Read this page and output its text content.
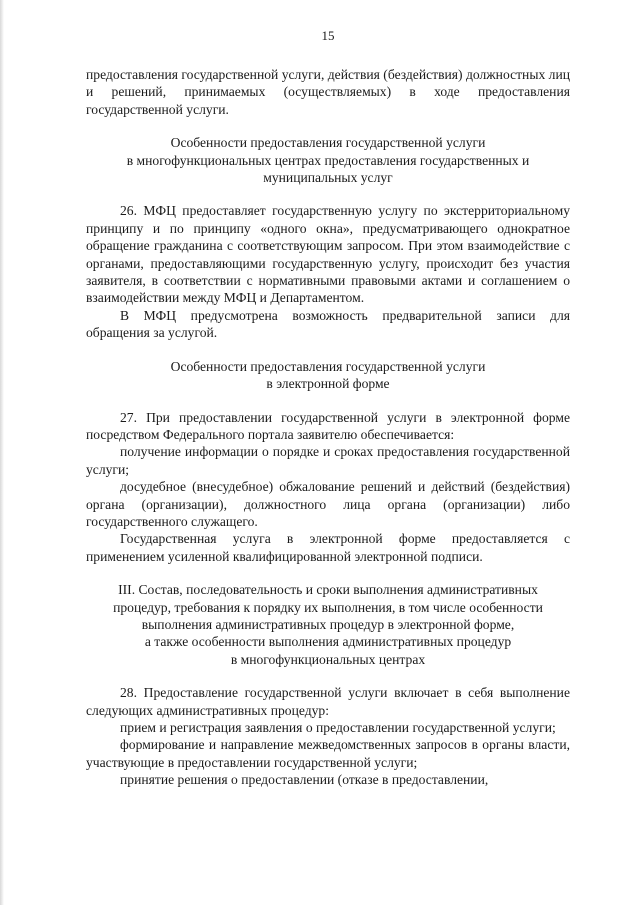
15

предоставления государственной услуги, действия (бездействия) должностных лиц и решений, принимаемых (осуществляемых) в ходе предоставления государственной услуги.

Особенности предоставления государственной услуги
в многофункциональных центрах предоставления государственных и
муниципальных услуг

26. МФЦ предоставляет государственную услугу по экстерриториальному принципу и по принципу «одного окна», предусматривающего однократное обращение гражданина с соответствующим запросом. При этом взаимодействие с органами, предоставляющими государственную услугу, происходит без участия заявителя, в соответствии с нормативными правовыми актами и соглашением о взаимодействии между МФЦ и Департаментом.

В МФЦ предусмотрена возможность предварительной записи для обращения за услугой.

Особенности предоставления государственной услуги
в электронной форме

27. При предоставлении государственной услуги в электронной форме посредством Федерального портала заявителю обеспечивается:

получение информации о порядке и сроках предоставления государственной услуги;

досудебное (внесудебное) обжалование решений и действий (бездействия) органа (организации), должностного лица органа (организации) либо государственного служащего.

Государственная услуга в электронной форме предоставляется с применением усиленной квалифицированной электронной подписи.

III. Состав, последовательность и сроки выполнения административных
процедур, требования к порядку их выполнения, в том числе особенности
выполнения административных процедур в электронной форме,
а также особенности выполнения административных процедур
в многофункциональных центрах

28. Предоставление государственной услуги включает в себя выполнение следующих административных процедур:

прием и регистрация заявления о предоставлении государственной услуги;

формирование и направление межведомственных запросов в органы власти, участвующие в предоставлении государственной услуги;

принятие решения о предоставлении (отказе в предоставлении,
